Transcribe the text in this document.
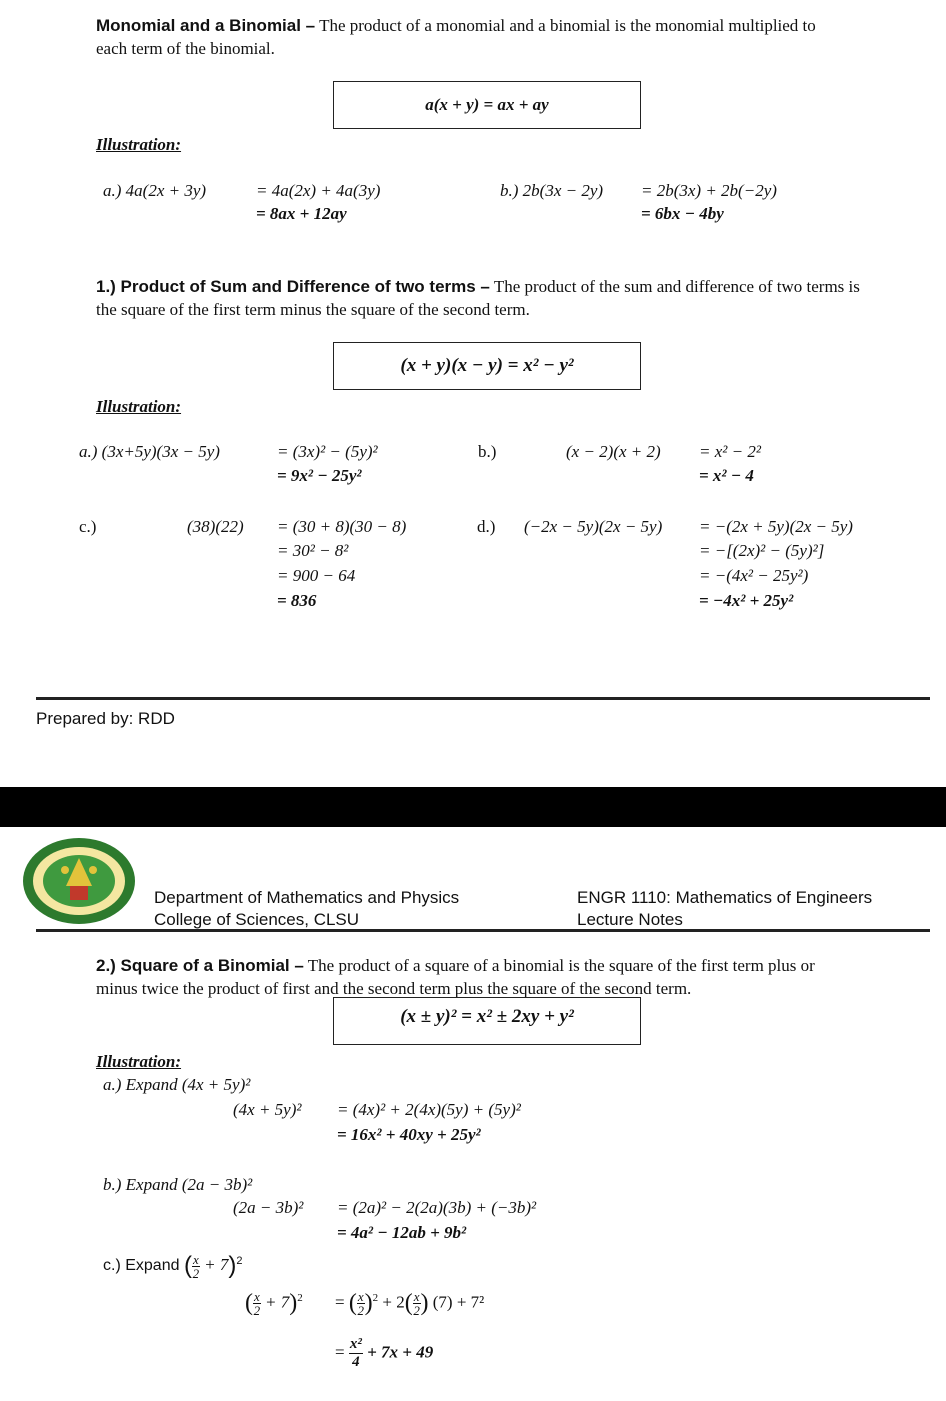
Monomial and a Binomial – The product of a monomial and a binomial is the monomial multiplied to
each term of the binomial.
a(x + y) = ax + ay
Illustration:
a.) 4a(2x + 3y)	= 4a(2x) + 4a(3y)
= 8ax + 12ay
b.) 2b(3x − 2y) = 2b(3x) + 2b(−2y)
= 6bx − 4by
1.) Product of Sum and Difference of two terms – The product of the sum and difference of two terms is
the square of the first term minus the square of the second term.
(x + y)(x − y) = x² − y²
Illustration:
a.) (3x+5y)(3x − 5y)	= (3x)² − (5y)²
= 9x² − 25y²
b.)	(x − 2)(x + 2) = x² − 2²
= x² − 4
c.)	(38)(22) = (30 + 8)(30 − 8)
= 30² − 8²
= 900 − 64
= 836
d.) (−2x − 5y)(2x − 5y) = −(2x + 5y)(2x − 5y)
= −[(2x)² − (5y)²]
= −(4x² − 25y²)
= −4x² + 25y²
Prepared by: RDD
Department of Mathematics and Physics
College of Sciences, CLSU
ENGR 1110: Mathematics of Engineers
Lecture Notes
2.) Square of a Binomial – The product of a square of a binomial is the square of the first term plus or
minus twice the product of first and the second term plus the square of the second term.
(x ± y)² = x² ± 2xy + y²
Illustration:
a.) Expand (4x + 5y)²
(4x + 5y)² = (4x)² + 2(4x)(5y) + (5y)²
= 16x² + 40xy + 25y²
b.) Expand (2a − 3b)²
(2a − 3b)² = (2a)² − 2(2a)(3b) + (−3b)²
= 4a² − 12ab + 9b²
c.) Expand ( $\frac{x}{2} + 7)^2$
( $\frac{x}{2} + 7)^2$ = ( $\frac{x}{2} )^2 + 2( \frac{x}{2}$ ) (7) + 7²
= $\frac{\text{x²}}{4} + 7x + 49$
